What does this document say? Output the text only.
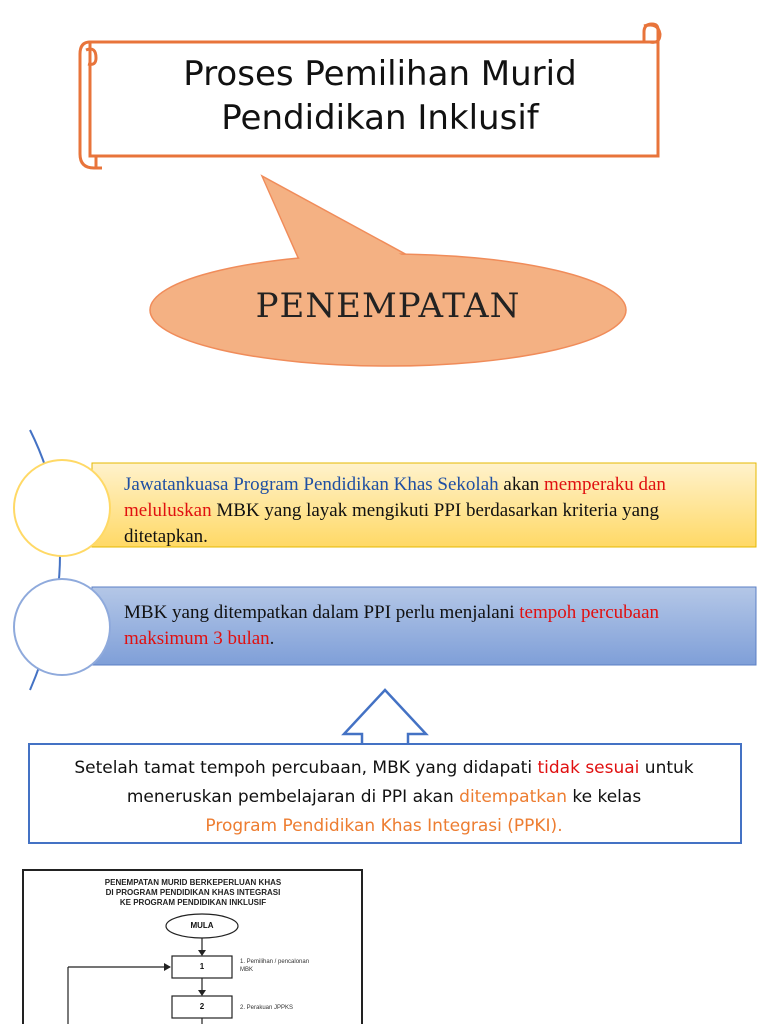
Proses Pemilihan Murid
Pendidikan Inklusif
PENEMPATAN
Jawatankuasa Program Pendidikan Khas Sekolah akan memperaku dan meluluskan MBK yang layak mengikuti PPI berdasarkan kriteria yang ditetapkan.
MBK yang ditempatkan dalam PPI perlu menjalani tempoh percubaan maksimum 3 bulan.
Setelah tamat tempoh percubaan, MBK yang didapati tidak sesuai untuk meneruskan pembelajaran di PPI akan ditempatkan ke kelas
Program Pendidikan Khas Integrasi (PPKI).
PENEMPATAN MURID BERKEPERLUAN KHAS
DI PROGRAM PENDIDIKAN KHAS INTEGRASI
KE PROGRAM PENDIDIKAN INKLUSIF
MULA
1
2
1. Pemilihan / pencalonan MBK
2. Perakuan JPPKS
